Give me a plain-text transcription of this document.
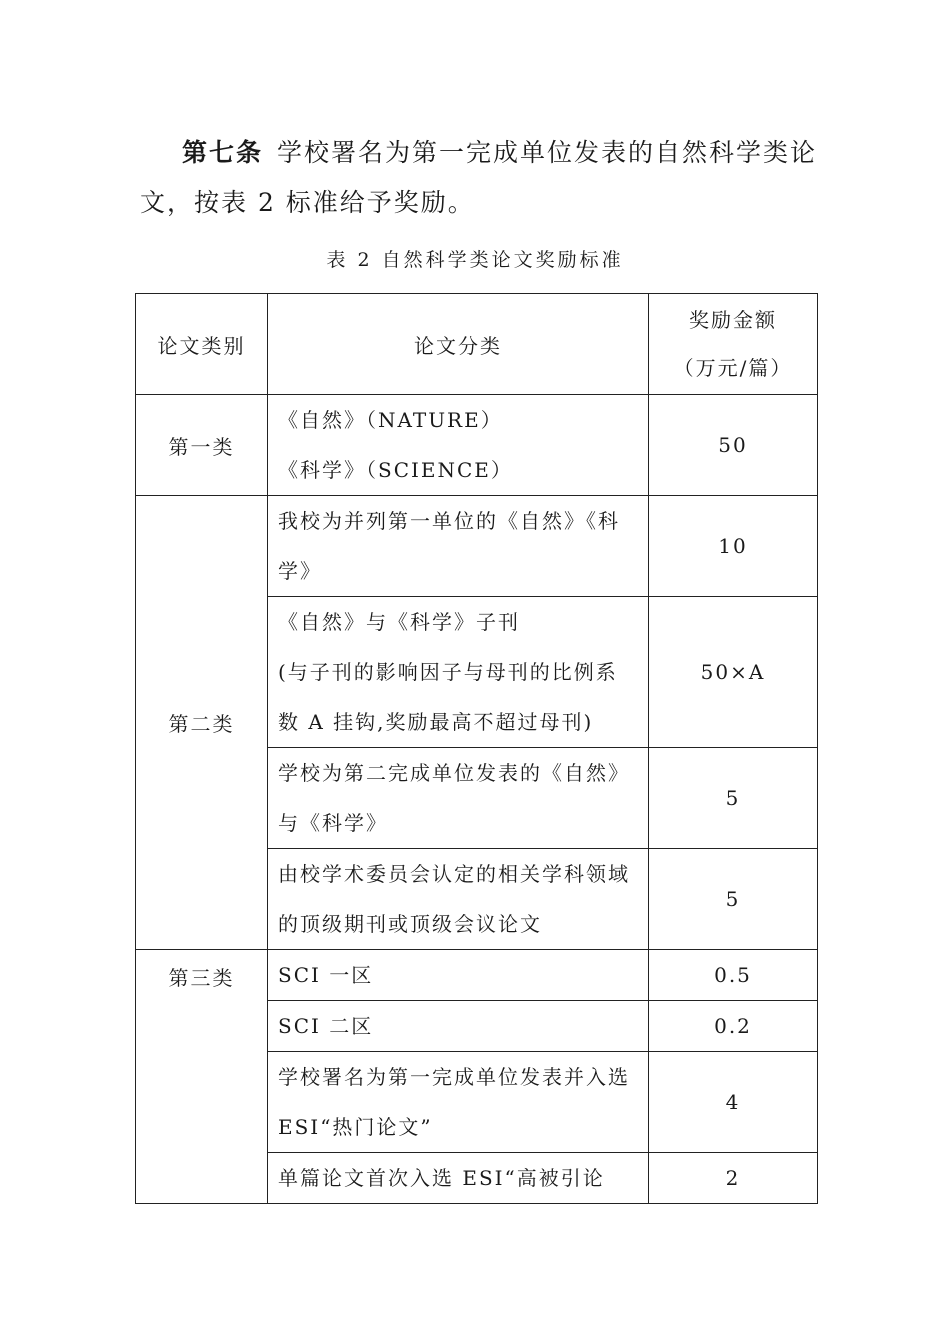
第七条 学校署名为第一完成单位发表的自然科学类论
文，按表 2 标准给予奖励。
表 2 自然科学类论文奖励标准
论文类别	论文分类	奖励金额
（万元/篇）

第一类	《自然》（NATURE）
《科学》（SCIENCE）	50
第二类	我校为并列第一单位的《自然》《科
学》	10

	《自然》与《科学》子刊
(与子刊的影响因子与母刊的比例系
数 A 挂钩,奖励最高不超过母刊)	50×A

	学校为第二完成单位发表的《自然》
与《科学》	5

	由校学术委员会认定的相关学科领域
的顶级期刊或顶级会议论文	5
第三类	SCI 一区	0.5

	SCI 二区	0.2

	学校署名为第一完成单位发表并入选
ESI“热门论文”	4

	单篇论文首次入选 ESI“高被引论	2
